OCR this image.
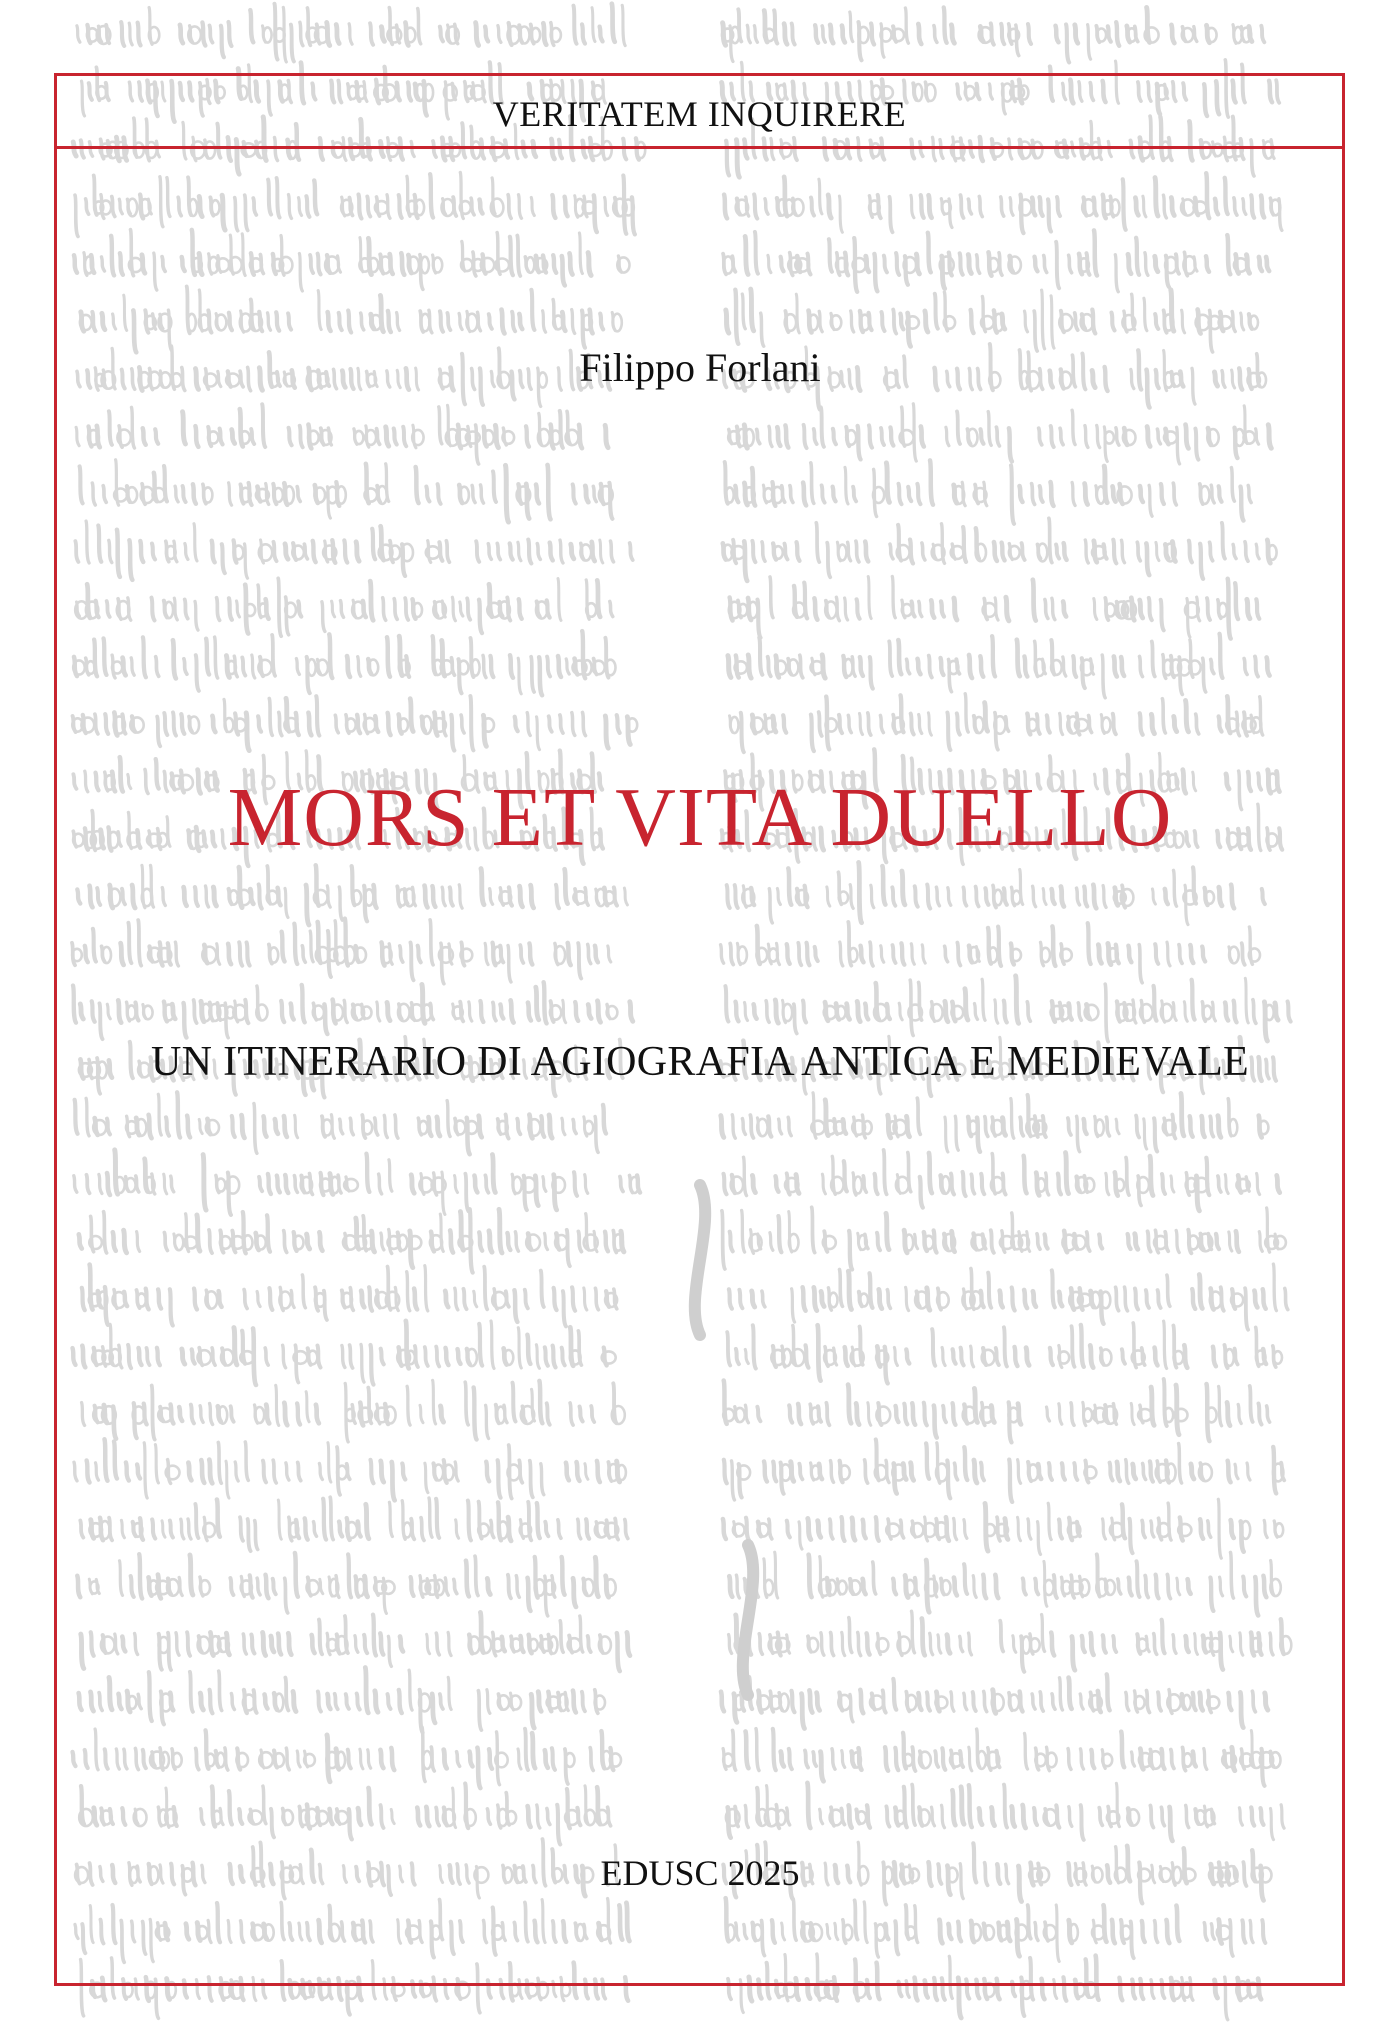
VERITATEM INQUIRERE
Filippo Forlani
MORS ET VITA DUELLO
UN ITINERARIO DI AGIOGRAFIA ANTICA E MEDIEVALE
EDUSC 2025
